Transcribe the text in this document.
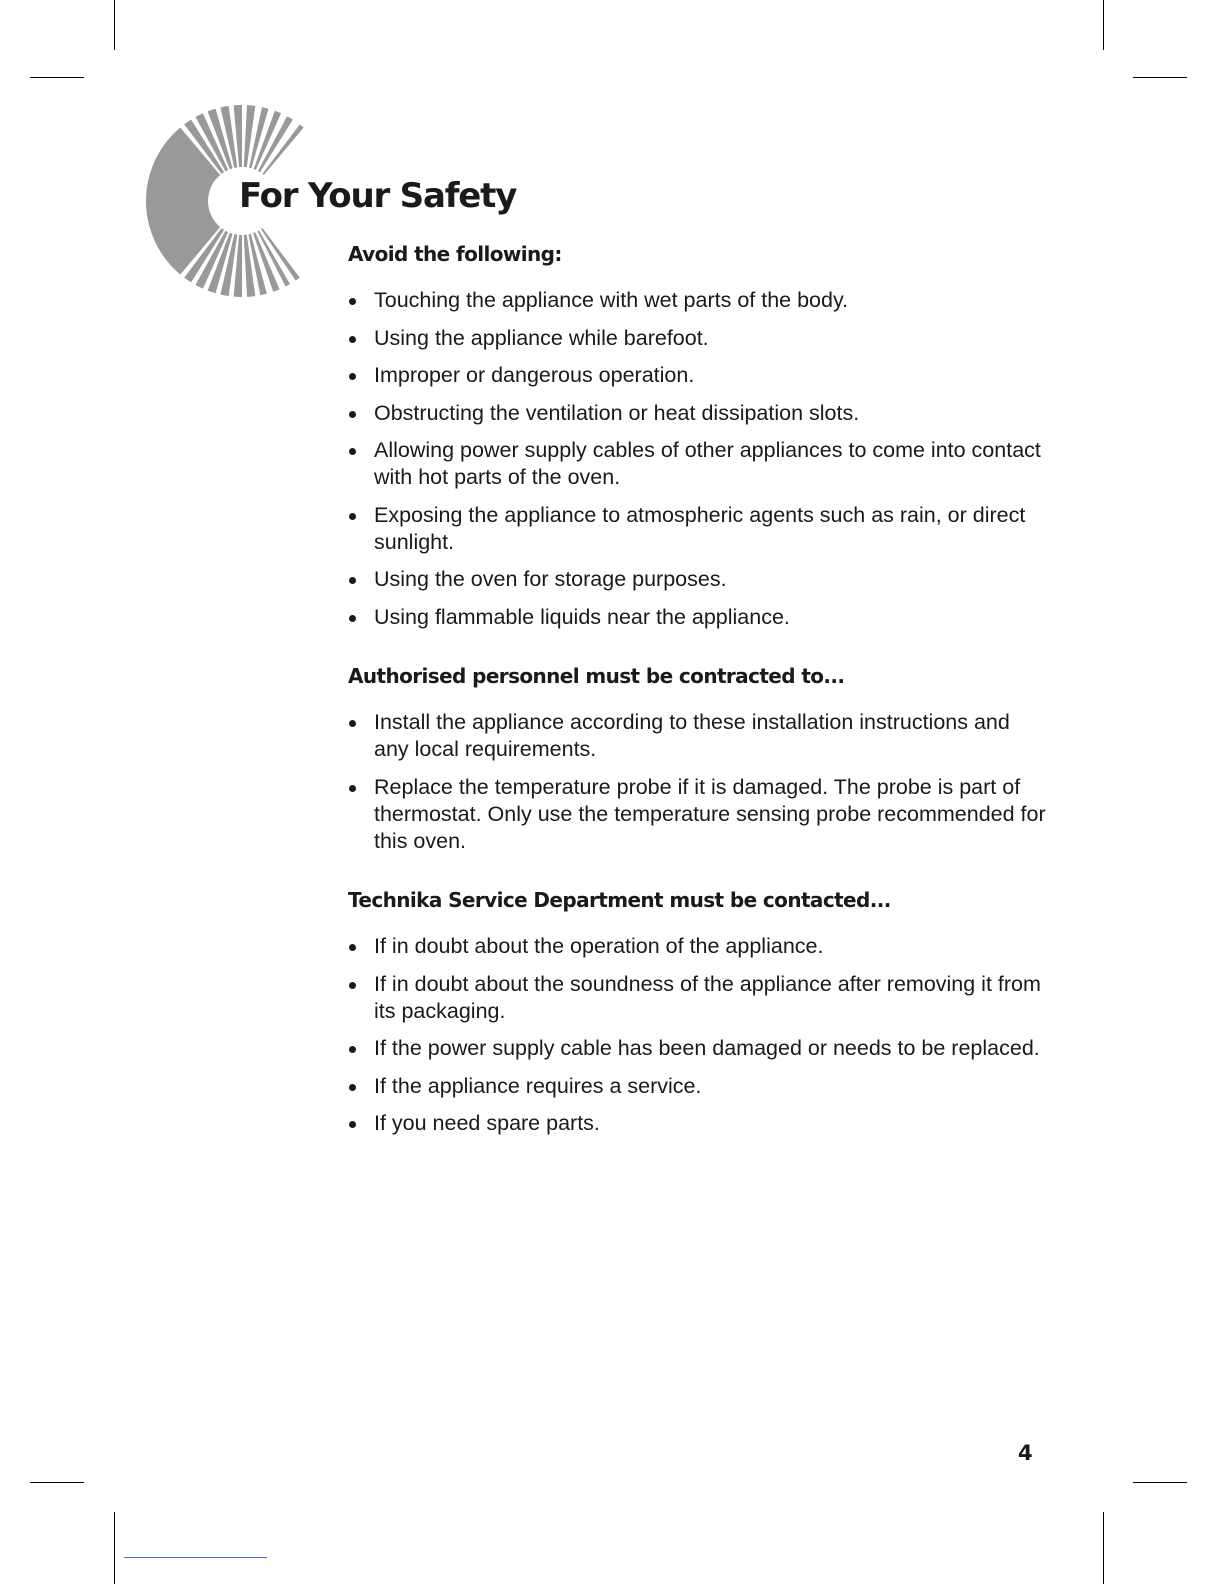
For Your Safety
Avoid the following:
Touching the appliance with wet parts of the body.
Using the appliance while barefoot.
Improper or dangerous operation.
Obstructing the ventilation or heat dissipation slots.
Allowing power supply cables of other appliances to come into contact with hot parts of the oven.
Exposing the appliance to atmospheric agents such as rain, or direct sunlight.
Using the oven for storage purposes.
Using flammable liquids near the appliance.
Authorised personnel must be contracted to...
Install the appliance according to these installation instructions and any local requirements.
Replace the temperature probe if it is damaged. The probe is part of thermostat. Only use the temperature sensing probe recommended for this oven.
Technika Service Department must be contacted...
If in doubt about the operation of the appliance.
If in doubt about the soundness of the appliance after removing it from its packaging.
If the power supply cable has been damaged or needs to be replaced.
If the appliance requires a service.
If you need spare parts.
4
